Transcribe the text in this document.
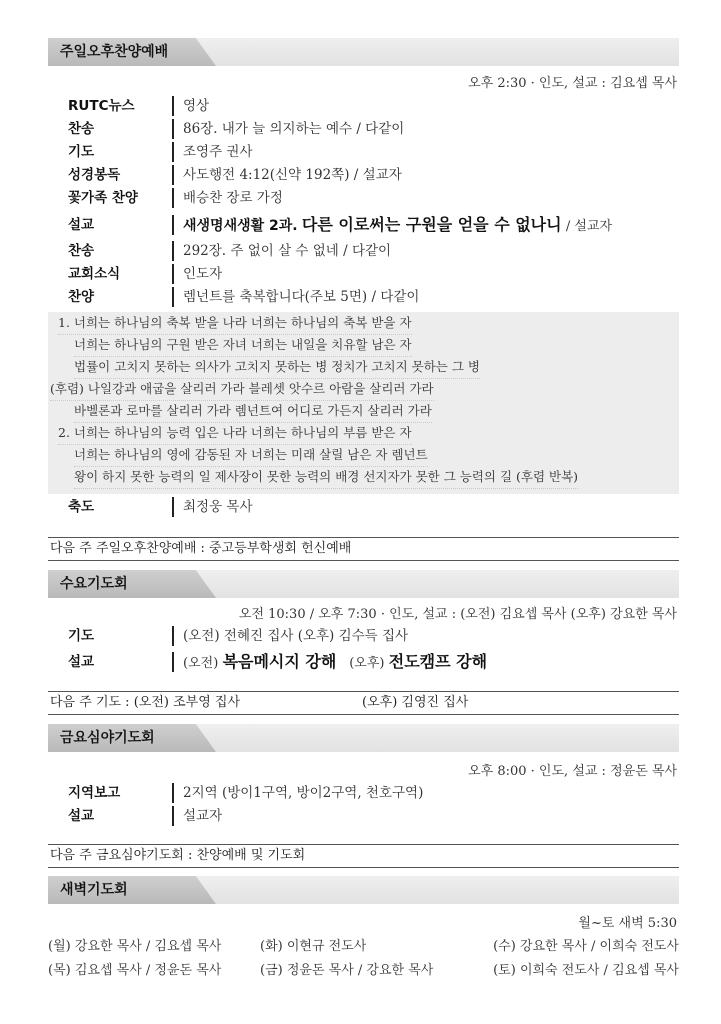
주일오후찬양예배
오후 2:30 · 인도, 설교 : 김요셉 목사
RUTC뉴스	영상
찬송	86장. 내가 늘 의지하는 예수 / 다같이
기도	조영주 권사
성경봉독	사도행전 4:12(신약 192쪽) / 설교자
꽃가족 찬양	배승찬 장로 가정
설교	새생명새생활 2과. 다른 이로써는 구원을 얻을 수 없나니 / 설교자
찬송	292장. 주 없이 살 수 없네 / 다같이
교회소식	인도자
찬양	렘넌트를 축복합니다(주보 5면) / 다같이
1. 너희는 하나님의 축복 받을 나라 너희는 하나님의 축복 받을 자
너희는 하나님의 구원 받은 자녀 너희는 내일을 치유할 남은 자
법률이 고치지 못하는 의사가 고치지 못하는 병 정치가 고치지 못하는 그 병
(후렴) 나일강과 애굽을 살리러 가라 블레셋 앗수르 아람을 살리러 가라
바벨론과 로마를 살리러 가라 렘넌트여 어디로 가든지 살리러 가라
2. 너희는 하나님의 능력 입은 나라 너희는 하나님의 부름 받은 자
너희는 하나님의 영에 감동된 자 너희는 미래 살릴 남은 자 렘넌트
왕이 하지 못한 능력의 일 제사장이 못한 능력의 배경 선지자가 못한 그 능력의 길 (후렴 반복)
축도	최정웅 목사
다음 주 주일오후찬양예배 : 중고등부학생회 헌신예배
수요기도회
오전 10:30 / 오후 7:30 · 인도, 설교 : (오전) 김요셉 목사 (오후) 강요한 목사
기도	(오전) 전혜진 집사 (오후) 김수득 집사
설교	(오전) 복음메시지 강해 (오후) 전도캠프 강해
다음 주 기도 : (오전) 조부영 집사	(오후) 김영진 집사
금요심야기도회
오후 8:00 · 인도, 설교 : 정윤돈 목사
지역보고	2지역 (방이1구역, 방이2구역, 천호구역)
설교	설교자
다음 주 금요심야기도회 : 찬양예배 및 기도회
새벽기도회
월~토 새벽 5:30
(월) 강요한 목사 / 김요셉 목사	(화) 이현규 전도사	(수) 강요한 목사 / 이희숙 전도사
(목) 김요셉 목사 / 정윤돈 목사	(금) 정윤돈 목사 / 강요한 목사	(토) 이희숙 전도사 / 김요셉 목사
